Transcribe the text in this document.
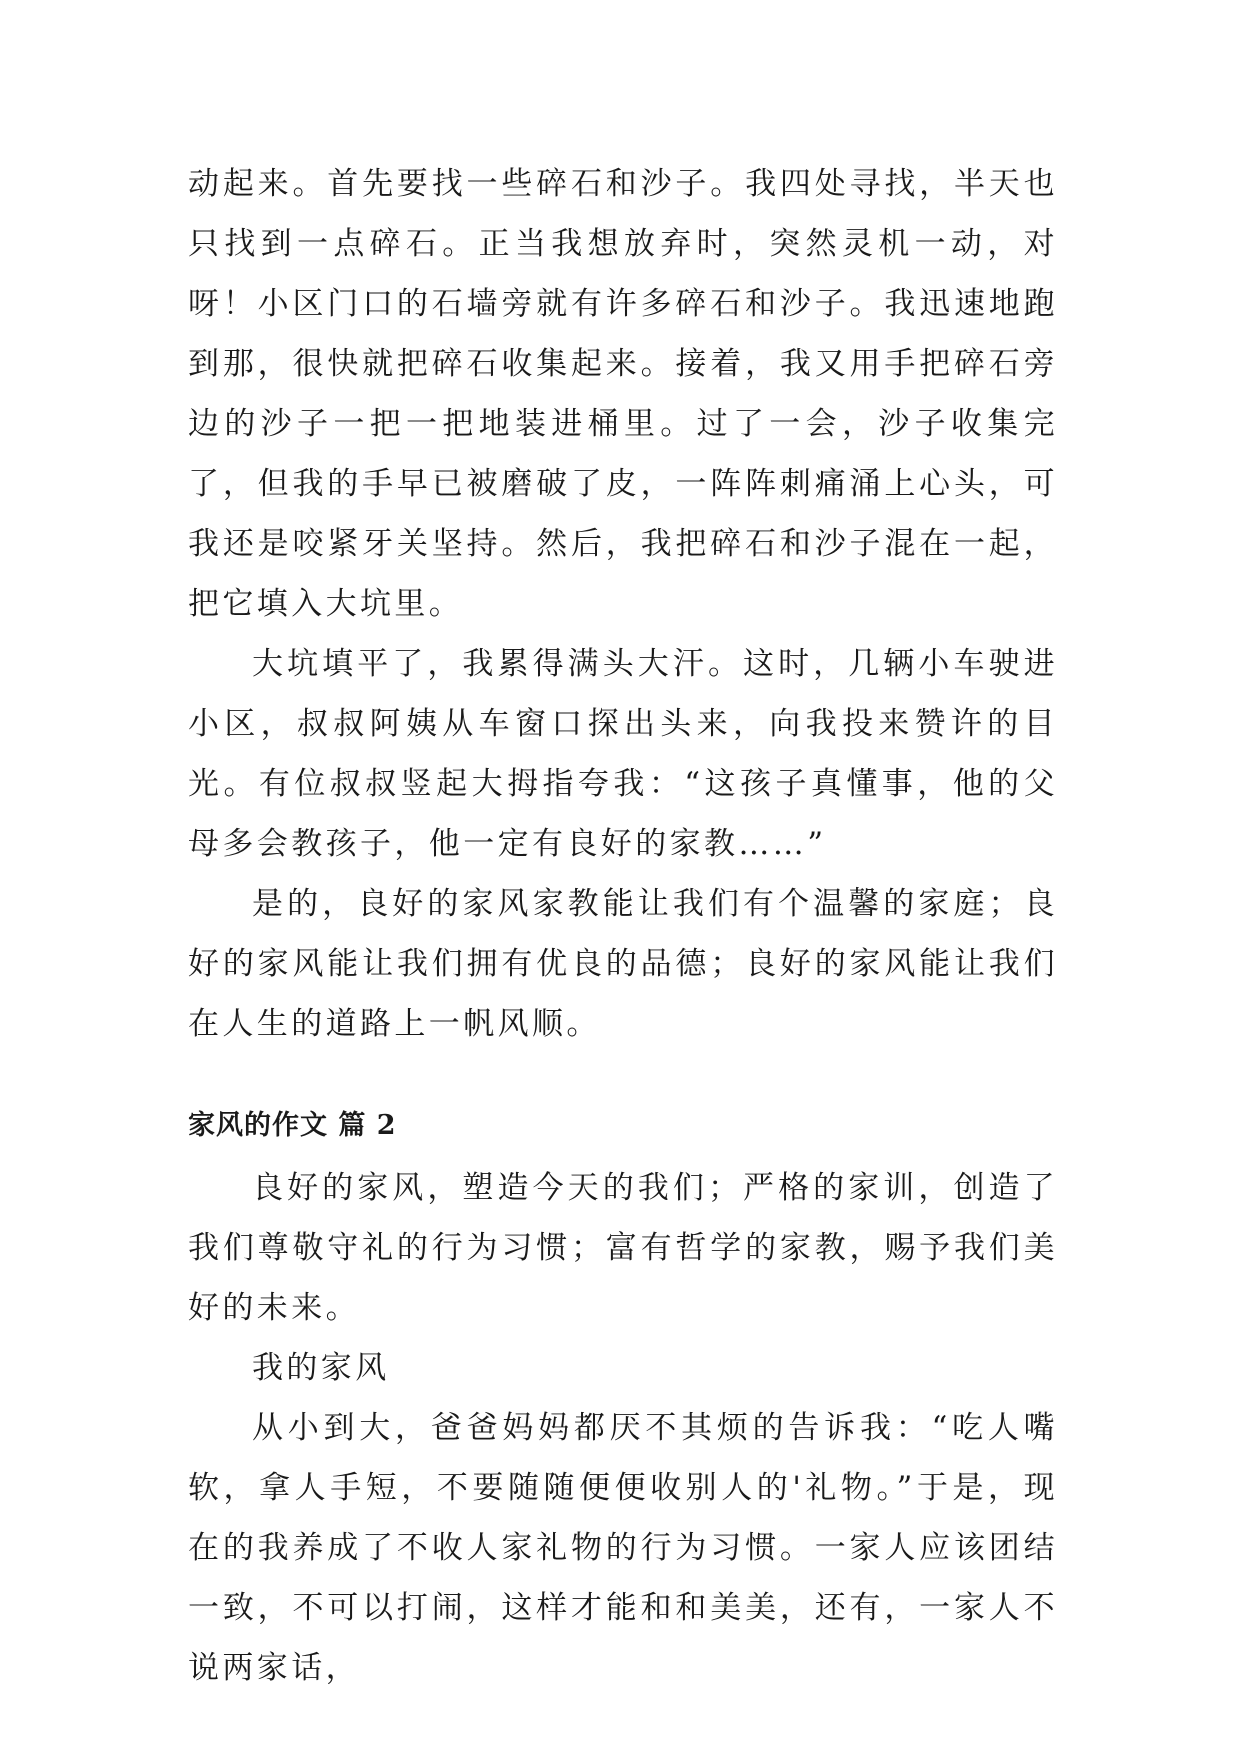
动起来。首先要找一些碎石和沙子。我四处寻找，半天也只找到一点碎石。正当我想放弃时，突然灵机一动，对呀！小区门口的石墙旁就有许多碎石和沙子。我迅速地跑到那，很快就把碎石收集起来。接着，我又用手把碎石旁边的沙子一把一把地装进桶里。过了一会，沙子收集完了，但我的手早已被磨破了皮，一阵阵刺痛涌上心头，可我还是咬紧牙关坚持。然后，我把碎石和沙子混在一起，把它填入大坑里。

大坑填平了，我累得满头大汗。这时，几辆小车驶进小区，叔叔阿姨从车窗口探出头来，向我投来赞许的目光。有位叔叔竖起大拇指夸我：“这孩子真懂事，他的父母多会教孩子，他一定有良好的家教……”

是的，良好的家风家教能让我们有个温馨的家庭；良好的家风能让我们拥有优良的品德；良好的家风能让我们在人生的道路上一帆风顺。

家风的作文 篇 2

良好的家风，塑造今天的我们；严格的家训，创造了我们尊敬守礼的行为习惯；富有哲学的家教，赐予我们美好的未来。

我的家风

从小到大，爸爸妈妈都厌不其烦的告诉我：“吃人嘴软，拿人手短，不要随随便便收别人的'礼物。”于是，现在的我养成了不收人家礼物的行为习惯。一家人应该团结一致，不可以打闹，这样才能和和美美，还有，一家人不说两家话，
